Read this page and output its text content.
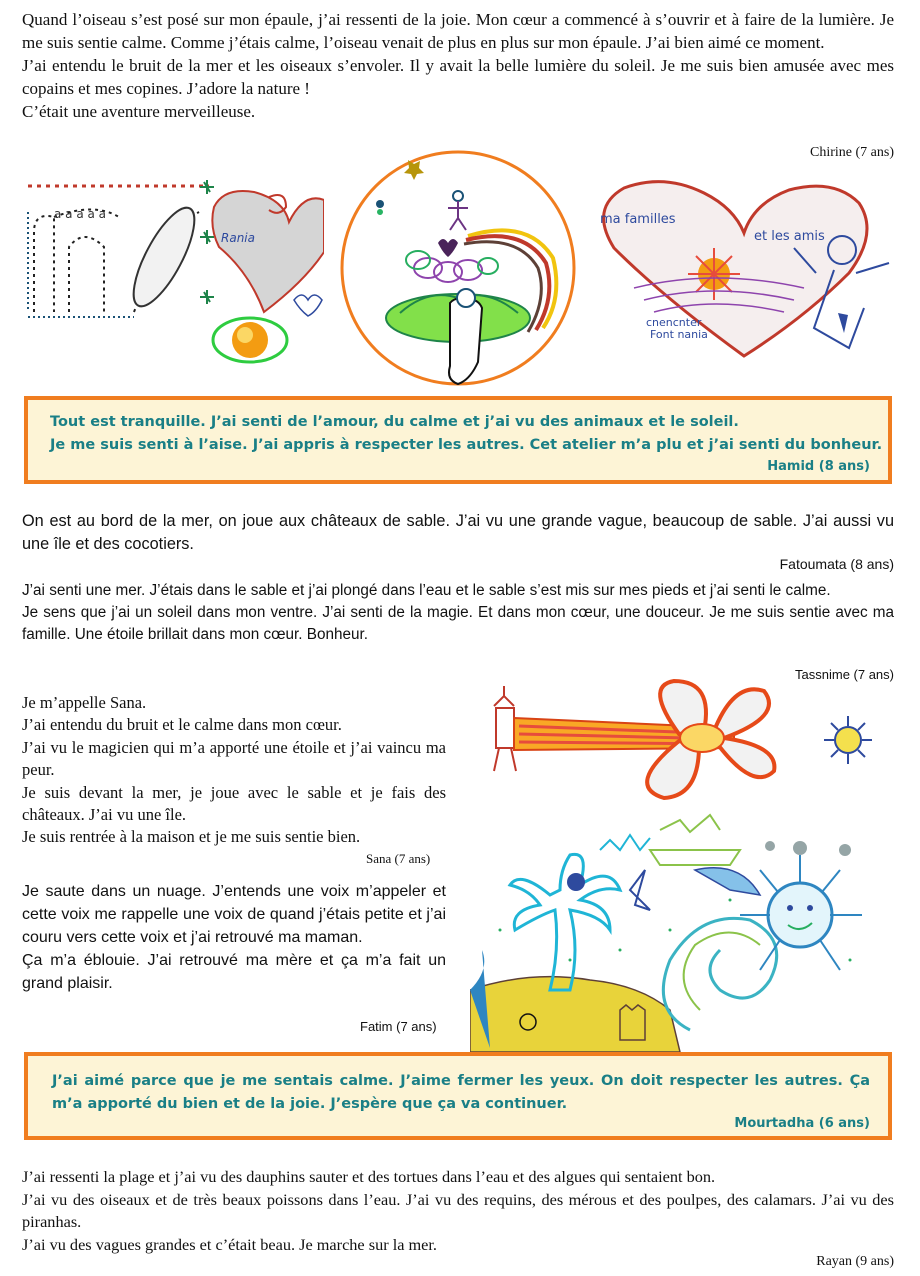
Quand l’oiseau s’est posé sur mon épaule, j’ai ressenti de la joie. Mon cœur a commencé à s’ouvrir et à faire de la lumière. Je me suis sentie calme. Comme j’étais calme, l’oiseau venait de plus en plus sur mon épaule. J’ai bien aimé ce moment.

J’ai entendu le bruit de la mer et les oiseaux s’envoler. Il y avait la belle lumière du soleil. Je me suis bien amusée avec mes copains et mes copines. J’adore la nature !

C’était une aventure merveilleuse.

Chirine (7 ans)
a a a a a
Rania
ma familles
et les amis
cnencnter
Font nania

Tout est tranquille. J’ai senti de l’amour, du calme et j’ai vu des animaux et le soleil.

Je me suis senti à l’aise. J’ai appris à respecter les autres. Cet atelier m’a plu et j’ai senti du bonheur.

Hamid (8 ans)

On est au bord de la mer, on joue aux châteaux de sable. J’ai vu une grande vague, beaucoup de sable. J’ai aussi vu une île et des cocotiers.

Fatoumata (8 ans)

J’ai senti une mer. J’étais dans le sable et j’ai plongé dans l’eau et le sable s’est mis sur mes pieds et j’ai senti le calme.

Je sens que j’ai un soleil dans mon ventre. J’ai senti de la magie. Et dans mon cœur, une douceur. Je me suis sentie avec ma famille. Une étoile brillait dans mon cœur. Bonheur.

Tassnime (7 ans)

Je m’appelle Sana.

J’ai entendu du bruit et le calme dans mon cœur.

J’ai vu le magicien qui m’a apporté une étoile et j’ai vaincu ma peur.

Je suis devant la mer, je joue avec le sable et je fais des châteaux. J’ai vu une île.

Je suis rentrée à la maison et je me suis sentie bien.

Sana (7 ans)

Je saute dans un nuage. J’entends une voix m’appeler et cette voix me rappelle une voix de quand j’étais petite et j’ai couru vers cette voix et j’ai retrouvé ma maman.

Ça m’a éblouie. J’ai retrouvé ma mère et ça m’a fait un grand plaisir.

Fatim (7 ans)

J’ai aimé parce que je me sentais calme. J’aime fermer les yeux. On doit respecter les autres. Ça m’a apporté du bien et de la joie. J’espère que ça va continuer.

Mourtadha (6 ans)

J’ai ressenti la plage et j’ai vu des dauphins sauter et des tortues dans l’eau et des algues qui sentaient bon.

J’ai vu des oiseaux et de très beaux poissons dans l’eau. J’ai vu des requins, des mérous et des poulpes, des calamars. J’ai vu des piranhas.

J’ai vu des vagues grandes et c’était beau. Je marche sur la mer.

Rayan (9 ans)
